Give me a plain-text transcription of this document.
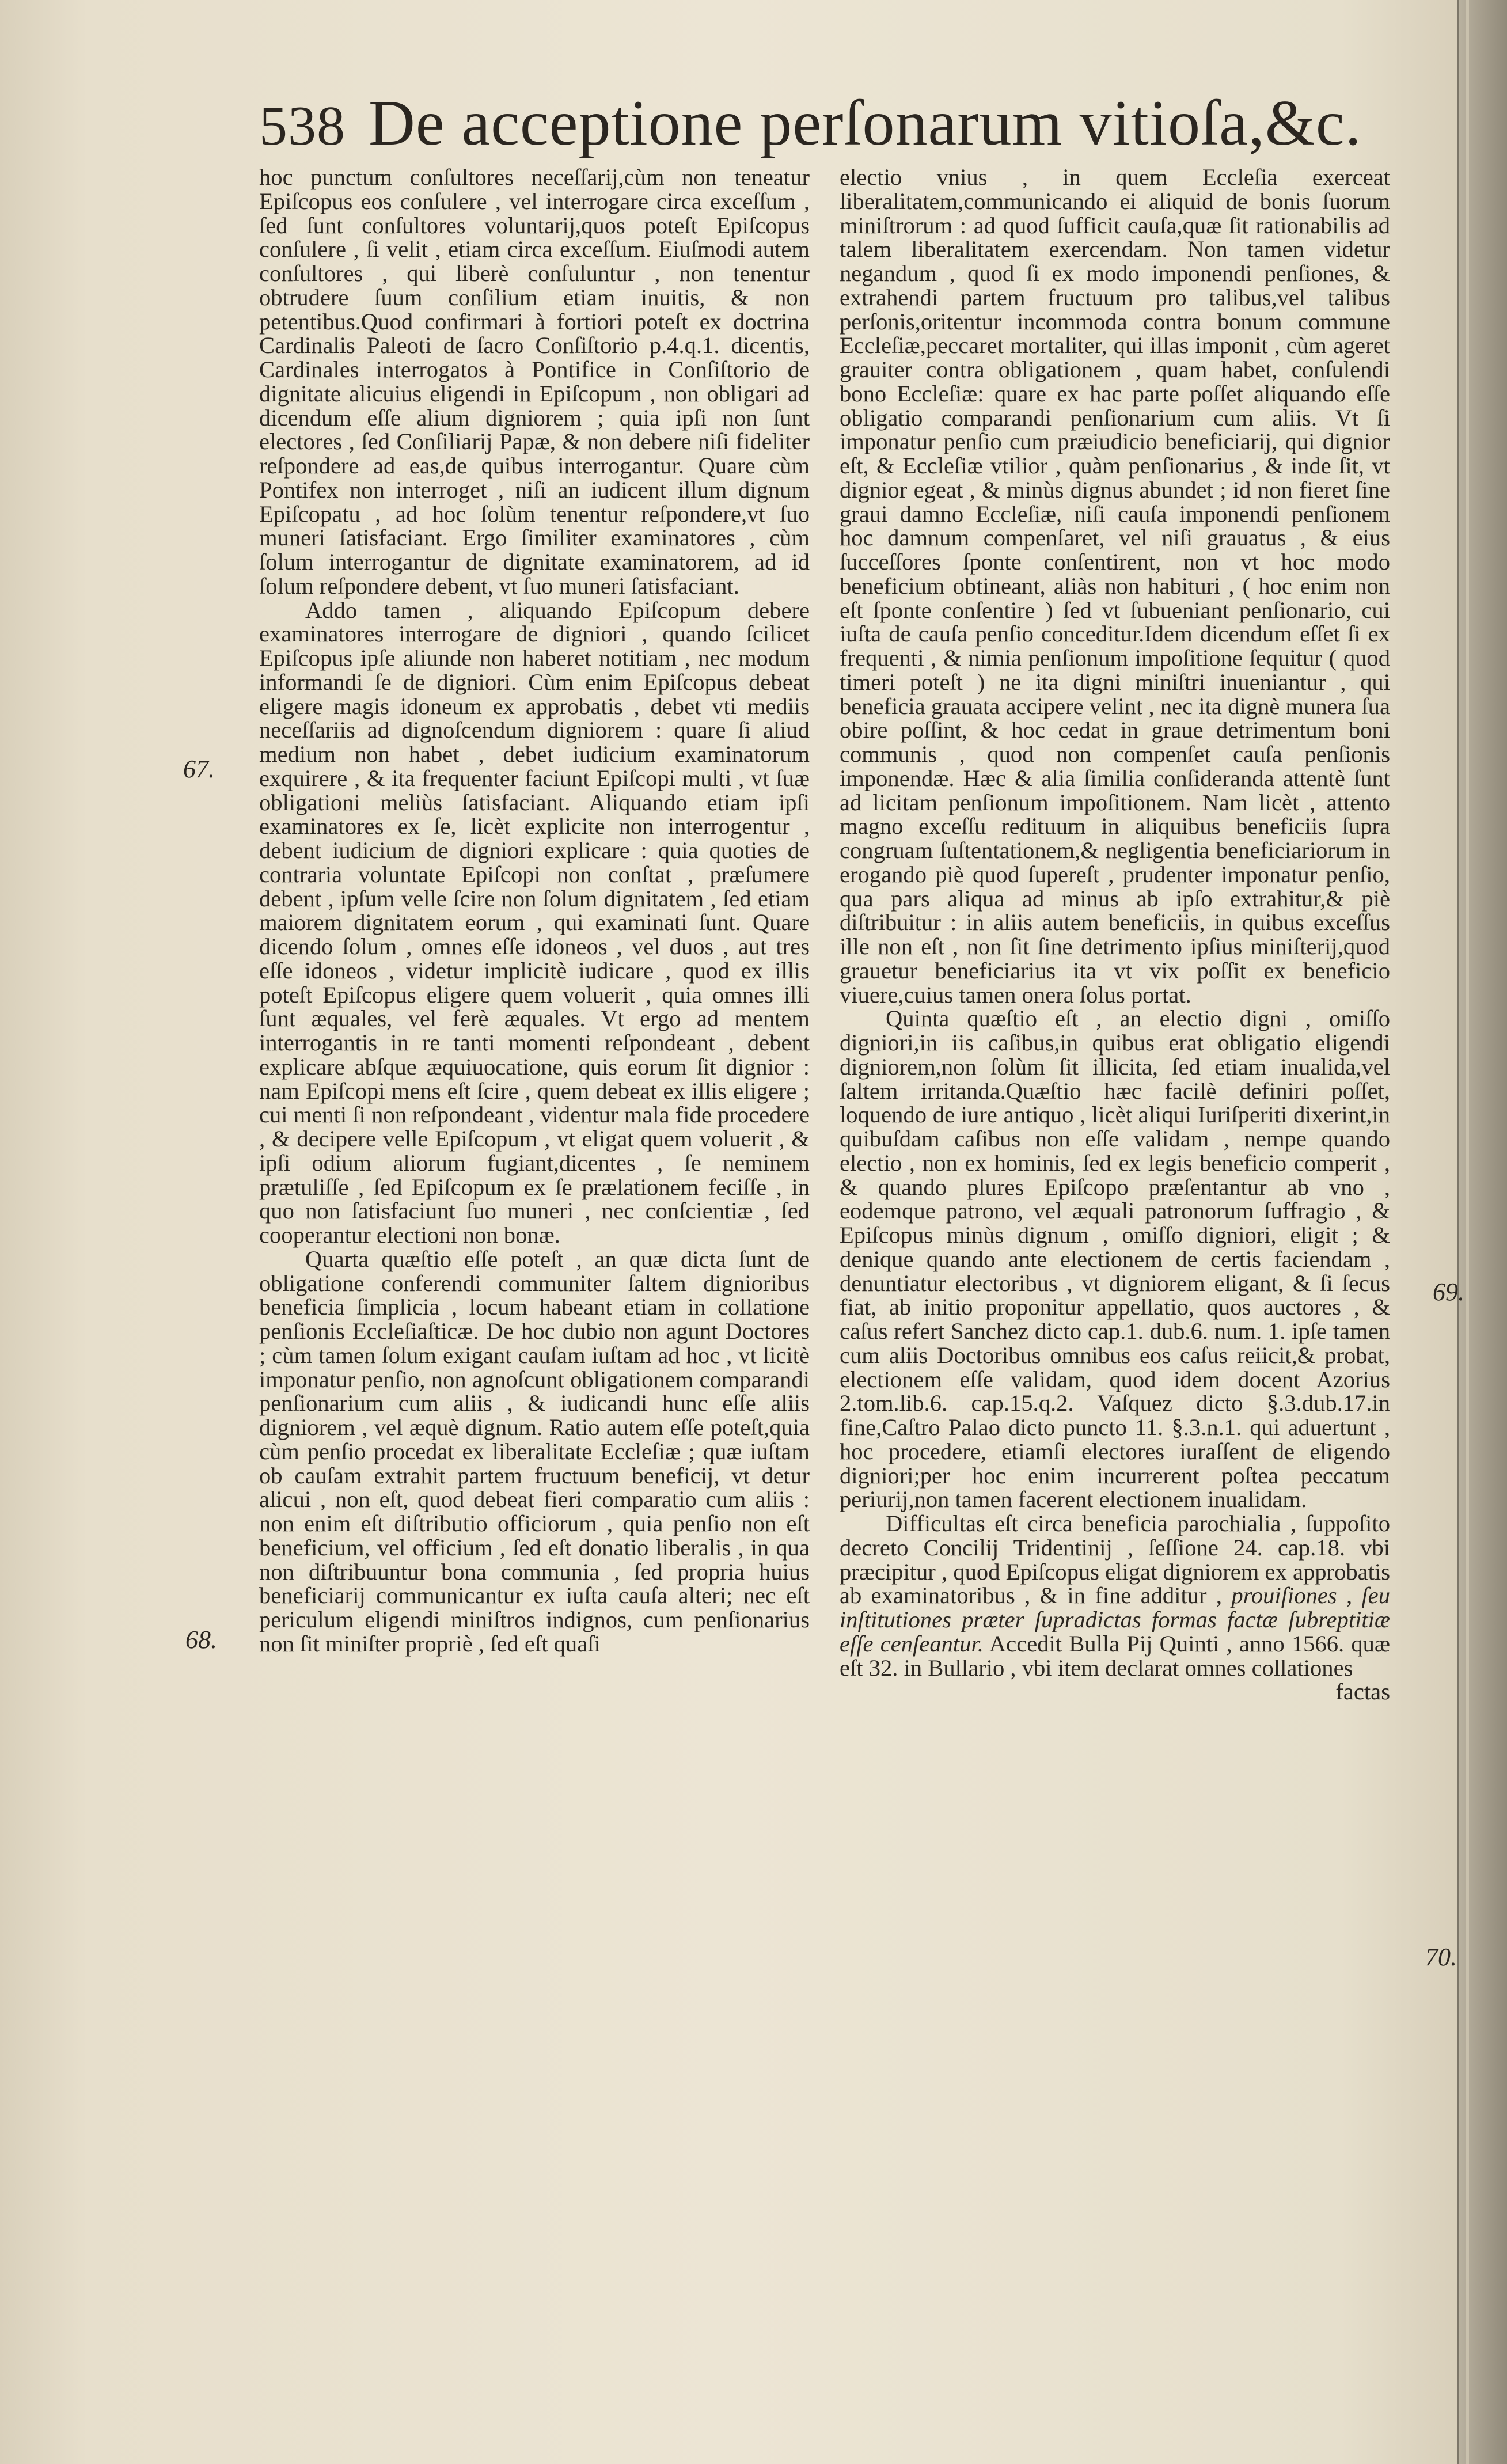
538 De acceptione perſonarum vitioſa,&c.

hoc punctum conſultores neceſſarij,cùm non teneatur Epiſcopus eos conſulere , vel interrogare circa exceſſum , ſed ſunt conſultores voluntarij,quos poteſt Epiſcopus conſulere , ſi velit , etiam circa exceſſum. Eiuſmodi autem conſultores , qui liberè conſuluntur , non tenentur obtrudere ſuum conſilium etiam inuitis, & non petentibus.Quod confirmari à fortiori poteſt ex doctrina Cardinalis Paleoti de ſacro Conſiſtorio p.4.q.1. dicentis, Cardinales interrogatos à Pontifice in Conſiſtorio de dignitate alicuius eligendi in Epiſcopum , non obligari ad dicendum eſſe alium digniorem ; quia ipſi non ſunt electores , ſed Conſiliarij Papæ, & non debere niſi fideliter reſpondere ad eas,de quibus interrogantur. Quare cùm Pontifex non interroget , niſi an iudicent illum dignum Epiſcopatu , ad hoc ſolùm tenentur reſpondere,vt ſuo muneri ſatisfaciant. Ergo ſimiliter examinatores , cùm ſolum interrogantur de dignitate examinatorem, ad id ſolum reſpondere debent, vt ſuo muneri ſatisfaciant.

Addo tamen , aliquando Epiſcopum debere examinatores interrogare de digniori , quando ſcilicet Epiſcopus ipſe aliunde non haberet notitiam , nec modum informandi ſe de digniori. Cùm enim Epiſcopus debeat eligere magis idoneum ex approbatis , debet vti mediis neceſſariis ad dignoſcendum digniorem : quare ſi aliud medium non habet , debet iudicium examinatorum exquirere , & ita frequenter faciunt Epiſcopi multi , vt ſuæ obligationi meliùs ſatisfaciant. Aliquando etiam ipſi examinatores ex ſe, licèt explicite non interrogentur , debent iudicium de digniori explicare : quia quoties de contraria voluntate Epiſcopi non conſtat , præſumere debent , ipſum velle ſcire non ſolum dignitatem , ſed etiam maiorem dignitatem eorum , qui examinati ſunt. Quare dicendo ſolum , omnes eſſe idoneos , vel duos , aut tres eſſe idoneos , videtur implicitè iudicare , quod ex illis poteſt Epiſcopus eligere quem voluerit , quia omnes illi ſunt æquales, vel ferè æquales. Vt ergo ad mentem interrogantis in re tanti momenti reſpondeant , debent explicare abſque æquiuocatione, quis eorum ſit dignior : nam Epiſcopi mens eſt ſcire , quem debeat ex illis eligere ; cui menti ſi non reſpondeant , videntur mala fide procedere , & decipere velle Epiſcopum , vt eligat quem voluerit , & ipſi odium aliorum fugiant,dicentes , ſe neminem prætuliſſe , ſed Epiſcopum ex ſe prælationem feciſſe , in quo non ſatisfaciunt ſuo muneri , nec conſcientiæ , ſed cooperantur electioni non bonæ.

Quarta quæſtio eſſe poteſt , an quæ dicta ſunt de obligatione conferendi communiter ſaltem dignioribus beneficia ſimplicia , locum habeant etiam in collatione penſionis Eccleſiaſticæ. De hoc dubio non agunt Doctores ; cùm tamen ſolum exigant cauſam iuſtam ad hoc , vt licitè imponatur penſio, non agnoſcunt obligationem comparandi penſionarium cum aliis , & iudicandi hunc eſſe aliis digniorem , vel æquè dignum. Ratio autem eſſe poteſt,quia cùm penſio procedat ex liberalitate Eccleſiæ ; quæ iuſtam ob cauſam extrahit partem fructuum beneficij, vt detur alicui , non eſt, quod debeat fieri comparatio cum aliis : non enim eſt diſtributio officiorum , quia penſio non eſt beneficium, vel officium , ſed eſt donatio liberalis , in qua non diſtribuuntur bona communia , ſed propria huius beneficiarij communicantur ex iuſta cauſa alteri; nec eſt periculum eligendi miniſtros indignos, cum penſionarius non ſit miniſter propriè , ſed eſt quaſi

electio vnius , in quem Eccleſia exerceat liberalitatem,communicando ei aliquid de bonis ſuorum miniſtrorum : ad quod ſufficit cauſa,quæ ſit rationabilis ad talem liberalitatem exercendam. Non tamen videtur negandum , quod ſi ex modo imponendi penſiones, & extrahendi partem fructuum pro talibus,vel talibus perſonis,oritentur incommoda contra bonum commune Eccleſiæ,peccaret mortaliter, qui illas imponit , cùm ageret grauiter contra obligationem , quam habet, conſulendi bono Eccleſiæ: quare ex hac parte poſſet aliquando eſſe obligatio comparandi penſionarium cum aliis. Vt ſi imponatur penſio cum præiudicio beneficiarij, qui dignior eſt, & Eccleſiæ vtilior , quàm penſionarius , & inde ſit, vt dignior egeat , & minùs dignus abundet ; id non fieret ſine graui damno Eccleſiæ, niſi cauſa imponendi penſionem hoc damnum compenſaret, vel niſi grauatus , & eius ſucceſſores ſponte conſentirent, non vt hoc modo beneficium obtineant, aliàs non habituri , ( hoc enim non eſt ſponte conſentire ) ſed vt ſubueniant penſionario, cui iuſta de cauſa penſio conceditur.Idem dicendum eſſet ſi ex frequenti , & nimia penſionum impoſitione ſequitur ( quod timeri poteſt ) ne ita digni miniſtri inueniantur , qui beneficia grauata accipere velint , nec ita dignè munera ſua obire poſſint, & hoc cedat in graue detrimentum boni communis , quod non compenſet cauſa penſionis imponendæ. Hæc & alia ſimilia conſideranda attentè ſunt ad licitam penſionum impoſitionem. Nam licèt , attento magno exceſſu redituum in aliquibus beneficiis ſupra congruam ſuſtentationem,& negligentia beneficiariorum in erogando piè quod ſupereſt , prudenter imponatur penſio, qua pars aliqua ad minus ab ipſo extrahitur,& piè diſtribuitur : in aliis autem beneficiis, in quibus exceſſus ille non eſt , non ſit ſine detrimento ipſius miniſterij,quod grauetur beneficiarius ita vt vix poſſit ex beneficio viuere,cuius tamen onera ſolus portat.

Quinta quæſtio eſt , an electio digni , omiſſo digniori,in iis caſibus,in quibus erat obligatio eligendi digniorem,non ſolùm ſit illicita, ſed etiam inualida,vel ſaltem irritanda.Quæſtio hæc facilè definiri poſſet, loquendo de iure antiquo , licèt aliqui Iuriſperiti dixerint,in quibuſdam caſibus non eſſe validam , nempe quando electio , non ex hominis, ſed ex legis beneficio comperit , & quando plures Epiſcopo præſentantur ab vno , eodemque patrono, vel æquali patronorum ſuffragio , & Epiſcopus minùs dignum , omiſſo digniori, eligit ; & denique quando ante electionem de certis faciendam , denuntiatur electoribus , vt digniorem eligant, & ſi ſecus fiat, ab initio proponitur appellatio, quos auctores , & caſus refert Sanchez dicto cap.1. dub.6. num. 1. ipſe tamen cum aliis Doctoribus omnibus eos caſus reiicit,& probat, electionem eſſe validam, quod idem docent Azorius 2.tom.lib.6. cap.15.q.2. Vaſquez dicto §.3.dub.17.in fine,Caſtro Palao dicto puncto 11. §.3.n.1. qui aduertunt , hoc procedere, etiamſi electores iuraſſent de eligendo digniori;per hoc enim incurrerent poſtea peccatum periurij,non tamen facerent electionem inualidam.

Difficultas eſt circa beneficia parochialia , ſuppoſito decreto Concilij Tridentinij , ſeſſione 24. cap.18. vbi præcipitur , quod Epiſcopus eligat digniorem ex approbatis ab examinatoribus , & in fine additur , prouiſiones , ſeu inſtitutiones præter ſupradictas formas factæ ſubreptitiæ eſſe cenſeantur. Accedit Bulla Pij Quinti , anno 1566. quæ eſt 32. in Bullario , vbi item declarat omnes collationes

factas
67.
68.
69.
70.
